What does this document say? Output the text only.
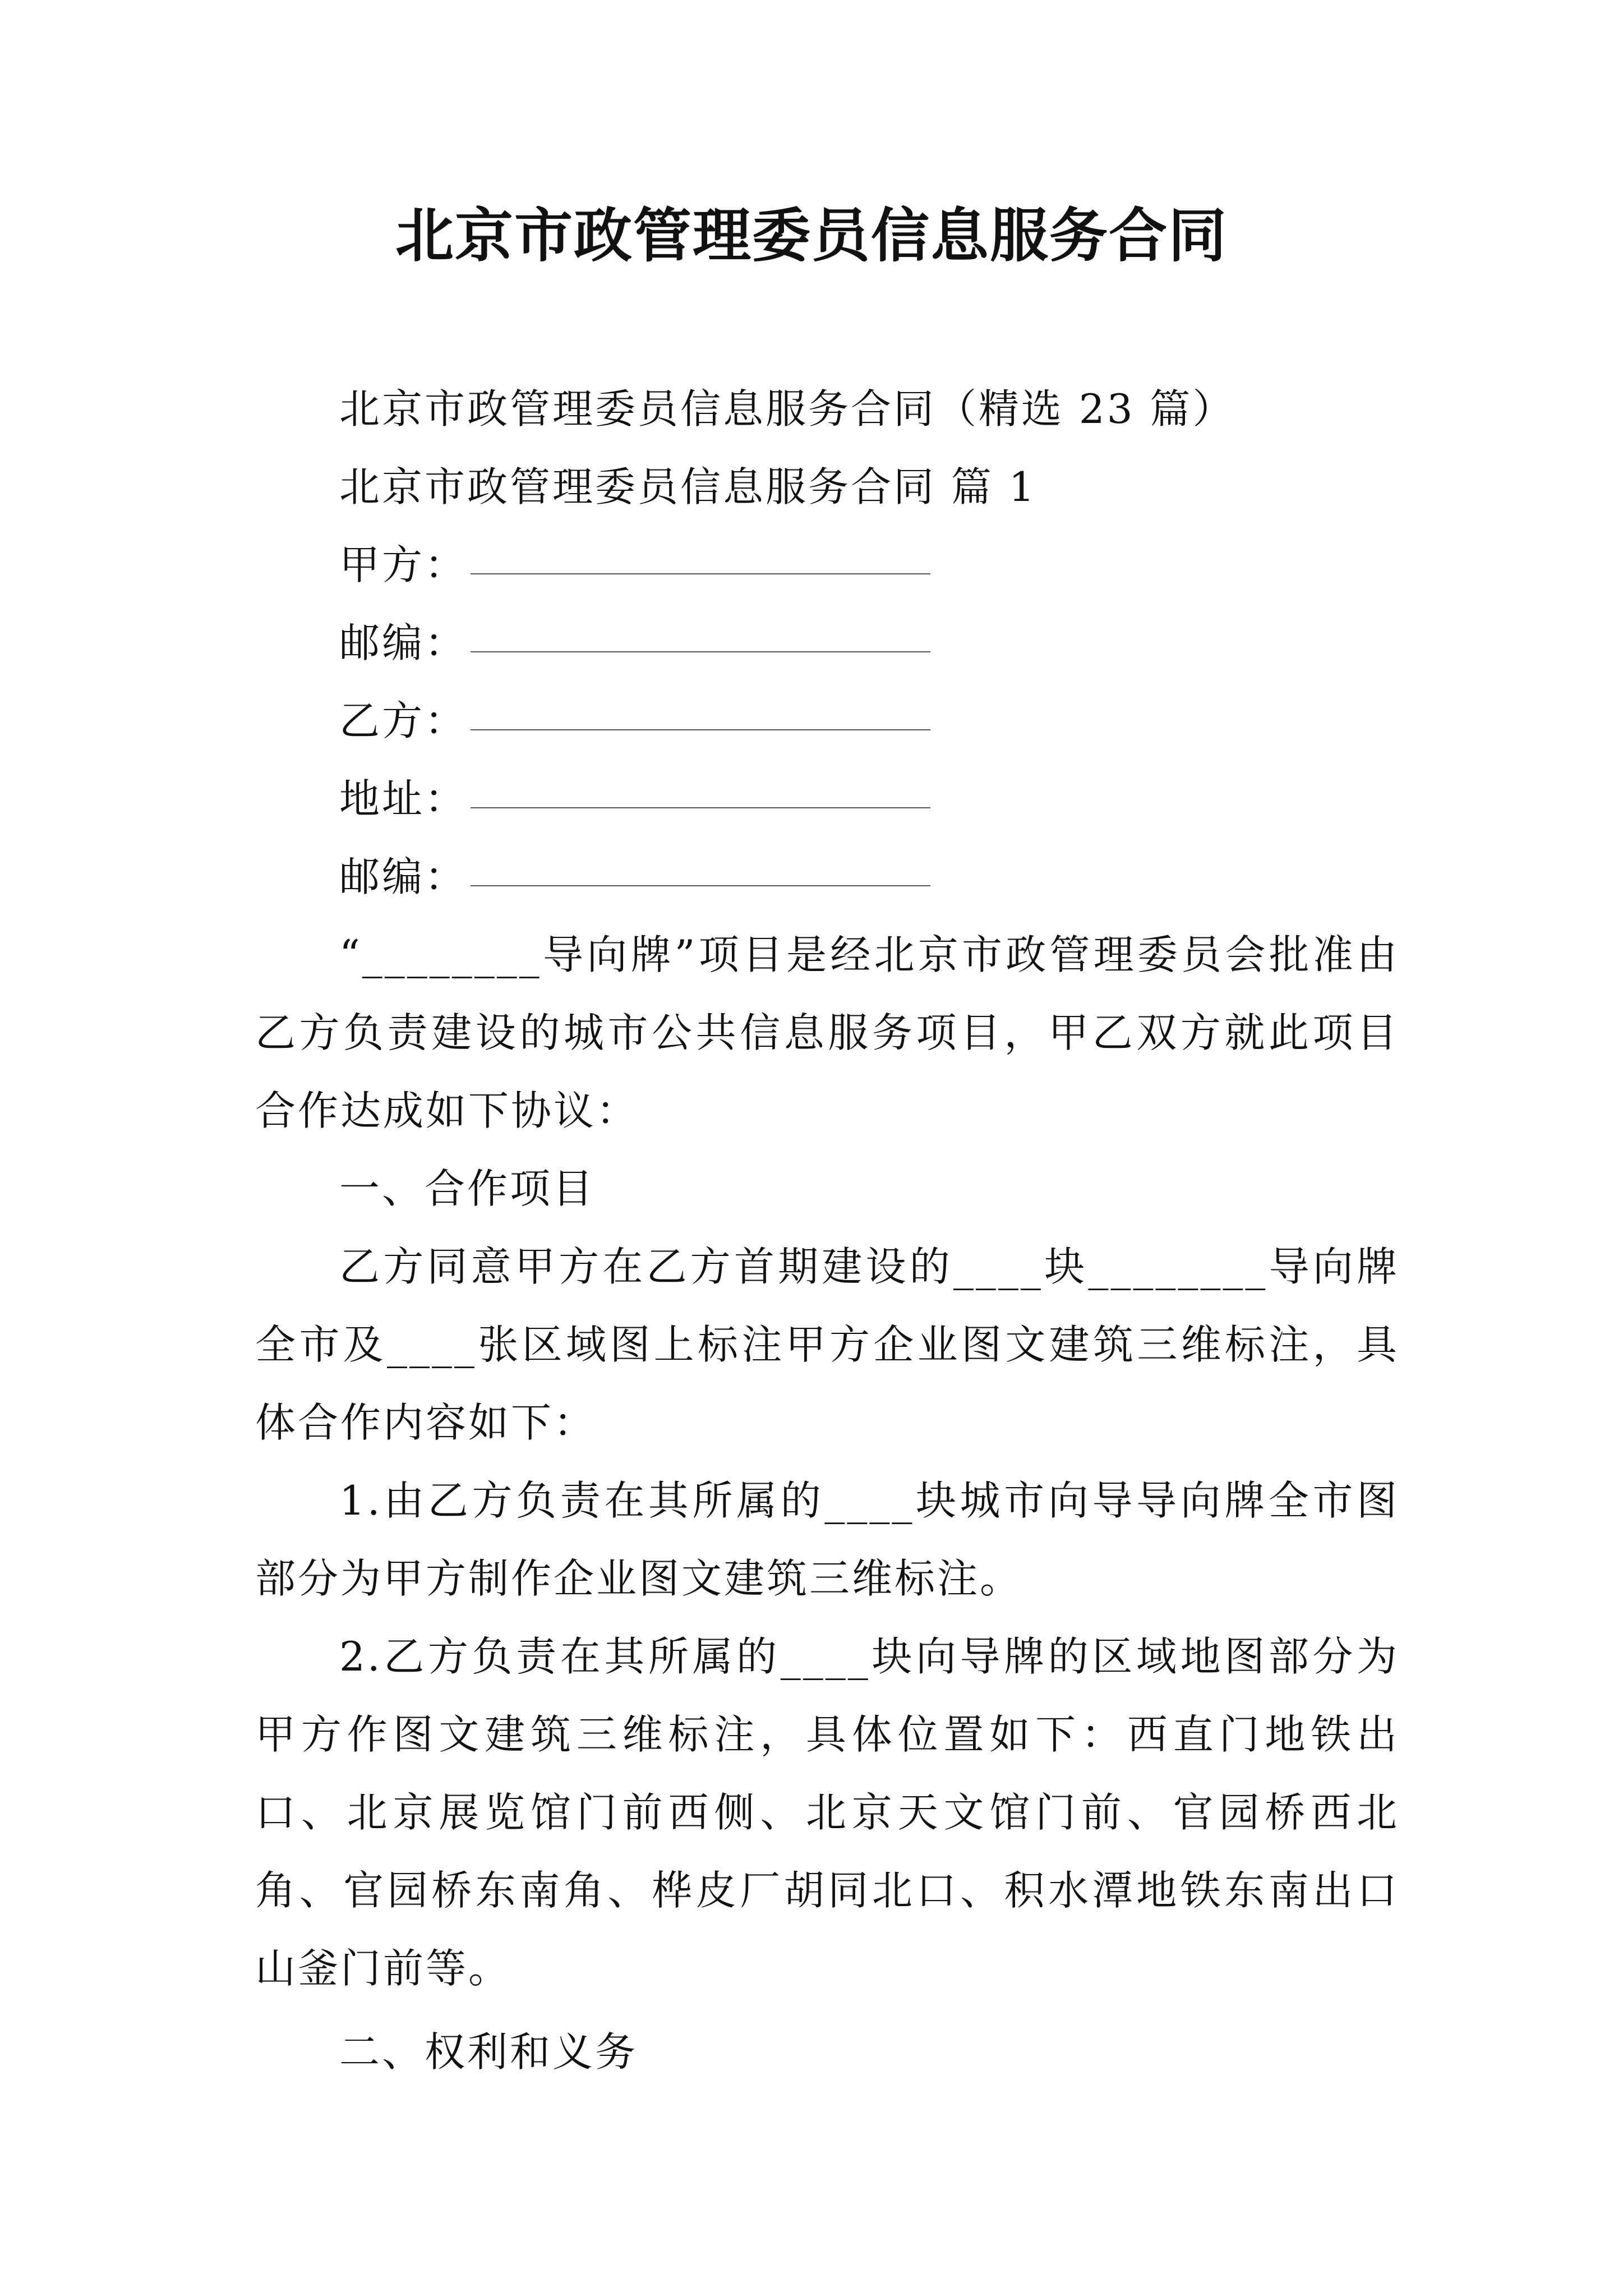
北京市政管理委员信息服务合同

北京市政管理委员信息服务合同（精选 23 篇）

北京市政管理委员信息服务合同 篇 1

甲方：

邮编：

乙方：

地址：

邮编：

“________导向牌”项目是经北京市政管理委员会批准由乙方负责建设的城市公共信息服务项目，甲乙双方就此项目合作达成如下协议：

一、合作项目

乙方同意甲方在乙方首期建设的____块________导向牌全市及____张区域图上标注甲方企业图文建筑三维标注，具体合作内容如下：

1.由乙方负责在其所属的____块城市向导导向牌全市图部分为甲方制作企业图文建筑三维标注。

2.乙方负责在其所属的____块向导牌的区域地图部分为甲方作图文建筑三维标注，具体位置如下：西直门地铁出口、北京展览馆门前西侧、北京天文馆门前、官园桥西北角、官园桥东南角、桦皮厂胡同北口、积水潭地铁东南出口山釜门前等。

二、权利和义务
